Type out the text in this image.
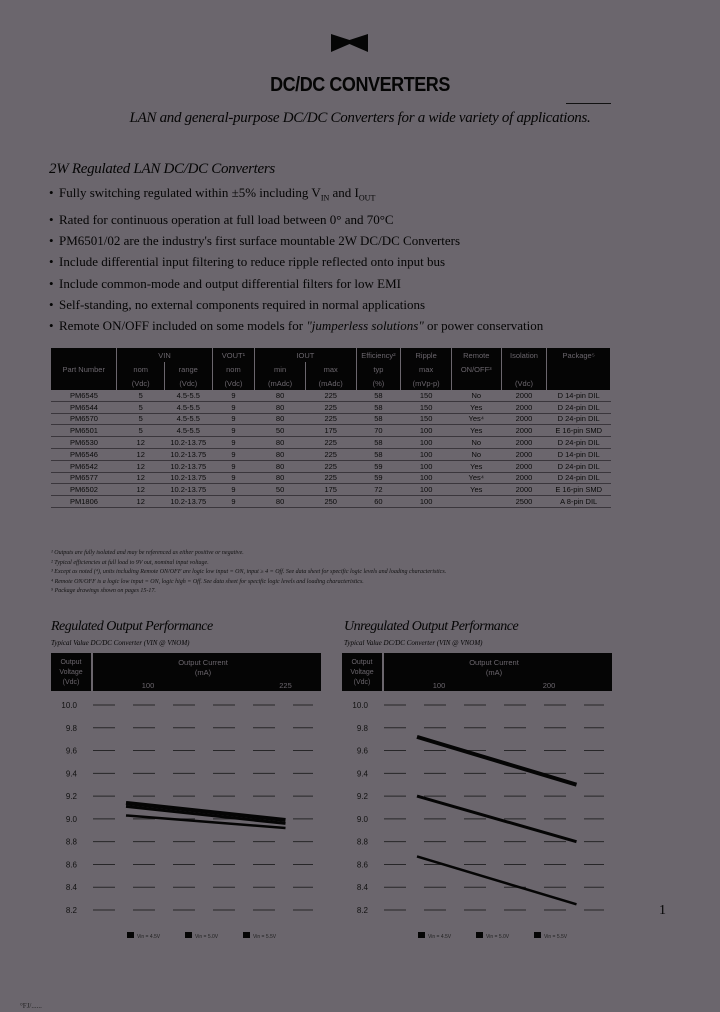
DC/DC CONVERTERS
LAN and general-purpose DC/DC Converters for a wide variety of applications.
2W Regulated LAN DC/DC Converters
• Fully switching regulated within ±5% including $V_{IN}$ and $I_{OUT}$
• Rated for continuous operation at full load between 0° and 70°C
• PM6501/02 are the industry's first surface mountable 2W DC/DC Converters
• Include differential input filtering to reduce ripple reflected onto input bus
• Include common-mode and output differential filters for low EMI
• Self-standing, no external components required in normal applications
• Remote ON/OFF included on some models for "jumperless solutions" or power conservation
Part Number	VIN		VOUT¹	IOUT		Efficiency²	Ripple	Remote	Isolation	Package⁵
	nom	range	nom	min	max	typ	max	ON/OFF³		
	(Vdc)	(Vdc)	(Vdc)	(mAdc)	(mAdc)	(%)	(mVp-p)		(Vdc)	
PM6545	5	4.5-5.5	9	80	225	58	150	No	2000	D 14-pin DIL
PM6544	5	4.5-5.5	9	80	225	58	150	Yes	2000	D 24-pin DIL
PM6570	5	4.5-5.5	9	80	225	58	150	Yes⁴	2000	D 24-pin DIL
PM6501	5	4.5-5.5	9	50	175	70	100	Yes	2000	E 16-pin SMD
PM6530	12	10.2-13.75	9	80	225	58	100	No	2000	D 24-pin DIL
PM6546	12	10.2-13.75	9	80	225	58	100	No	2000	D 14-pin DIL
PM6542	12	10.2-13.75	9	80	225	59	100	Yes	2000	D 24-pin DIL
PM6577	12	10.2-13.75	9	80	225	59	100	Yes⁴	2000	D 24-pin DIL
PM6502	12	10.2-13.75	9	50	175	72	100	Yes	2000	E 16-pin SMD
PM1806	12	10.2-13.75	9	80	250	60	100		2500	A 8-pin DIL
¹ Outputs are fully isolated and may be referenced as either positive or negative.
² Typical efficiencies at full load to 9V out, nominal input voltage.
³ Except as noted (⁴), units including Remote ON/OFF are logic low input = ON, input ≥ 4 = Off. See data sheet for specific logic levels and loading characteristics.
⁴ Remote ON/OFF is a logic low input = ON, logic high = Off. See data sheet for specific logic levels and loading characteristics.
⁵ Package drawings shown on pages 15-17.
Regulated Output Performance
Typical Value DC/DC Converter (VIN @ VNOM)
Unregulated Output Performance
Typical Value DC/DC Converter (VIN @ VNOM)
Output
Voltage
(Vdc)
Output Current
(mA)
100	225
10.0
9.8
9.6
9.4
9.2
9.0
8.8
8.6
8.4
8.2
Vin = 4.5V	Vin = 5.0V	Vin = 5.5V
Output
Voltage
(Vdc)
Output Current
(mA)
100	200
10.0
9.8
9.6
9.4
9.2
9.0
8.8
8.6
8.4
8.2
Vin = 4.5V	Vin = 5.0V	Vin = 5.5V
1
°FJ/......
